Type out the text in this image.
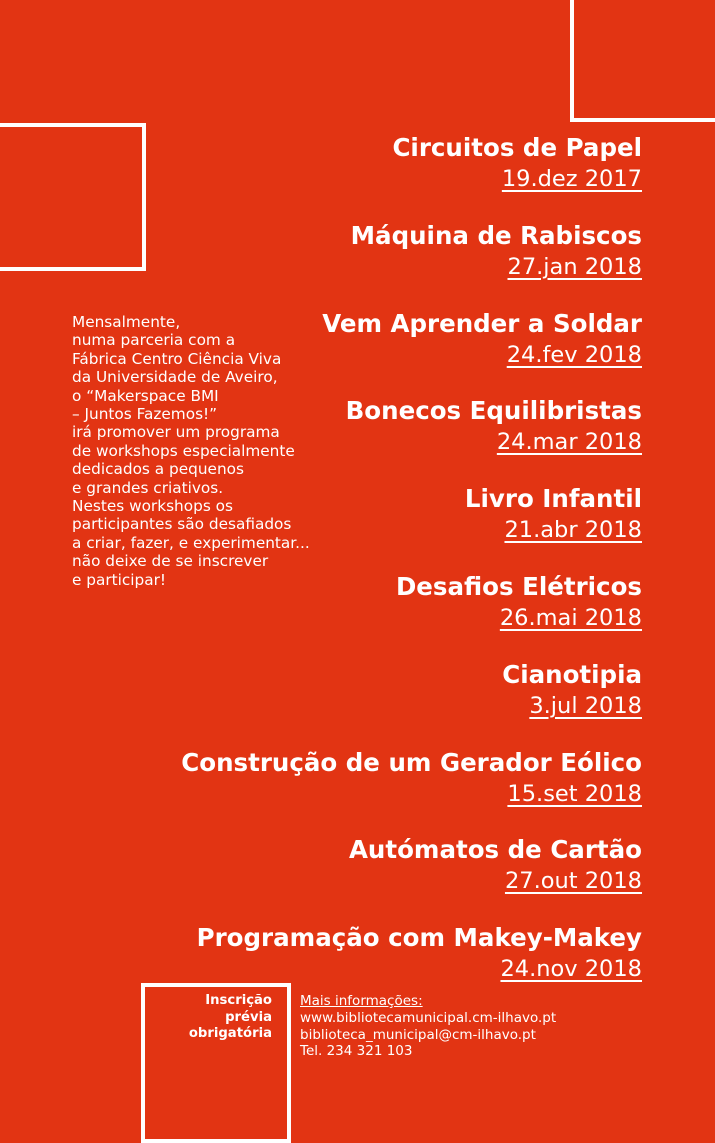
Mensalmente,
numa parceria com a
Fábrica Centro Ciência Viva
da Universidade de Aveiro,
o “Makerspace BMI
– Juntos Fazemos!”
irá promover um programa
de workshops especialmente
dedicados a pequenos
e grandes criativos.
Nestes workshops os
participantes são desafiados
a criar, fazer, e experimentar...
não deixe de se inscrever
e participar!

Circuitos de Papel
19.dez 2017
Máquina de Rabiscos
27.jan 2018
Vem Aprender a Soldar
24.fev 2018
Bonecos Equilibristas
24.mar 2018
Livro Infantil
21.abr 2018
Desafios Elétricos
26.mai 2018
Cianotipia
3.jul 2018
Construção de um Gerador Eólico
15.set 2018
Autómatos de Cartão
27.out 2018
Programação com Makey-Makey
24.nov 2018
Inscrição
prévia
obrigatória
Mais informações:
www.bibliotecamunicipal.cm-ilhavo.pt
biblioteca_municipal@cm-ilhavo.pt
Tel. 234 321 103
